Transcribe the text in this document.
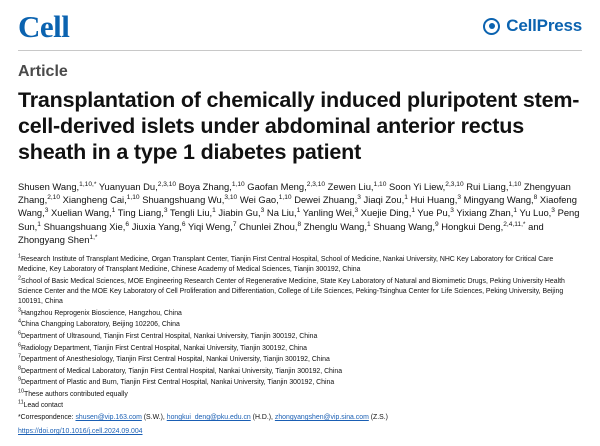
Cell	CellPress
Article
Transplantation of chemically induced pluripotent stem-cell-derived islets under abdominal anterior rectus sheath in a type 1 diabetes patient
Shusen Wang,$^{1,10,*}$ Yuanyuan Du,$^{2,3,10}$ Boya Zhang,$^{1,10}$ Gaofan Meng,$^{2,3,10}$ Zewen Liu,$^{1,10}$ Soon Yi Liew,$^{2,3,10}$ Rui Liang,$^{1,10}$ Zhengyuan Zhang,$^{2,10}$ Xiangheng Cai,$^{1,10}$ Shuangshuang Wu,$^{3,10}$ Wei Gao,$^{1,10}$ Dewei Zhuang,$^3$ Jiaqi Zou,$^1$ Hui Huang,$^3$ Mingyang Wang,$^8$ Xiaofeng Wang,$^3$ Xuelian Wang,$^1$ Ting Liang,$^3$ Tengli Liu,$^1$ Jiabin Gu,$^3$ Na Liu,$^1$ Yanling Wei,$^3$ Xuejie Ding,$^1$ Yue Pu,$^3$ Yixiang Zhan,$^1$ Yu Luo,$^3$ Peng Sun,$^1$ Shuangshuang Xie,$^6$ Jiuxia Yang,$^6$ Yiqi Weng,$^7$ Chunlei Zhou,$^8$ Zhenglu Wang,$^1$ Shuang Wang,$^9$ Hongkui Deng,$^{2,4,11,*}$ and Zhongyang Shen$^{1,*}$
$^1$Research Institute of Transplant Medicine, Organ Transplant Center, Tianjin First Central Hospital, School of Medicine, Nankai University, NHC Key Laboratory for Critical Care Medicine, Key Laboratory of Transplant Medicine, Chinese Academy of Medical Sciences, Tianjin 300192, China
$^2$School of Basic Medical Sciences, MOE Engineering Research Center of Regenerative Medicine, State Key Laboratory of Natural and Biomimetic Drugs, Peking University Health Science Center and the MOE Key Laboratory of Cell Proliferation and Differentiation, College of Life Sciences, Peking-Tsinghua Center for Life Sciences, Peking University, Beijing 100191, China
$^3$Hangzhou Reprogenix Bioscience, Hangzhou, China
$^4$China Changping Laboratory, Beijing 102206, China
$^6$Department of Ultrasound, Tianjin First Central Hospital, Nankai University, Tianjin 300192, China
$^6$Radiology Department, Tianjin First Central Hospital, Nankai University, Tianjin 300192, China
$^7$Department of Anesthesiology, Tianjin First Central Hospital, Nankai University, Tianjin 300192, China
$^8$Department of Medical Laboratory, Tianjin First Central Hospital, Nankai University, Tianjin 300192, China
$^9$Department of Plastic and Burn, Tianjin First Central Hospital, Nankai University, Tianjin 300192, China
$^{10}$These authors contributed equally
$^{11}$Lead contact
*Correspondence: shusen@vip.163.com (S.W.), hongkui_deng@pku.edu.cn (H.D.), zhongyangshen@vip.sina.com (Z.S.)
https://doi.org/10.1016/j.cell.2024.09.004
